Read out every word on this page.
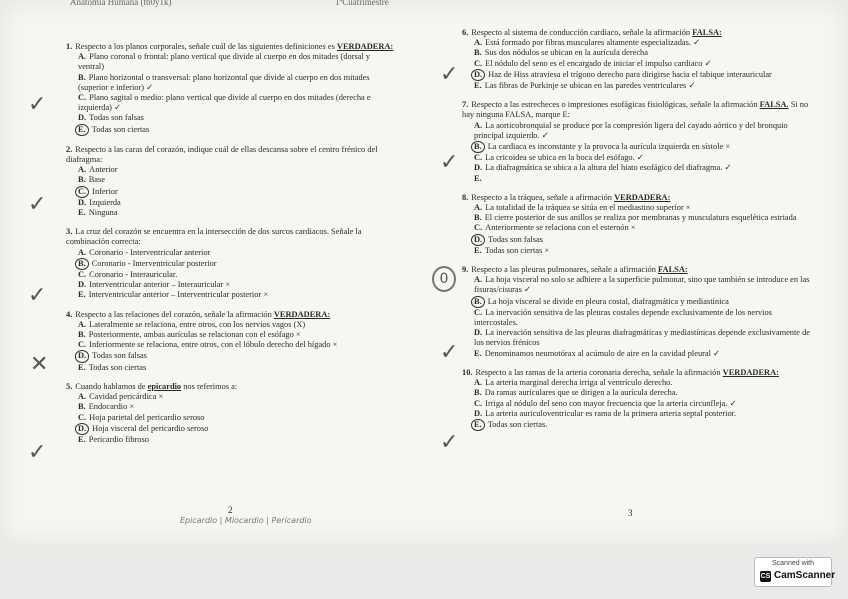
Anatomía Humana (tb0y1k)	1ºCuatrimestre
1. Respecto a los planos corporales, señale cuál de las siguientes definiciones es VERDADERA:
A. Plano coronal o frontal: plano vertical que divide al cuerpo en dos mitades (dorsal y ventral)
B. Plano horizontal o transversal: plano horizontal que divide al cuerpo en dos mitades (superior e inferior) ✓
C. Plano sagital o medio: plano vertical que divide al cuerpo en dos mitades (derecha e izquierda) ✓
D. Todas son falsas
E. Todas son ciertas
2. Respecto a las caras del corazón, indique cuál de ellas descansa sobre el centro frénico del diafragma:
A. Anterior
B. Base
C. Inferior
D. Izquierda
E. Ninguna
3. La cruz del corazón se encuentra en la intersección de dos surcos cardiacos. Señale la combinación correcta:
A. Coronario - Interventricular anterior
B. Coronario - Interventricular posterior
C. Coronario - Interauricular.
D. Interventricular anterior – Interauricular ×
E. Interventricular anterior – Interventricular posterior ×
4. Respecto a las relaciones del corazón, señale la afirmación VERDADERA:
A. Lateralmente se relaciona, entre otros, con los nervios vagos (X)
B. Posteriormente, ambas aurículas se relacionan con el esófago ×
C. Inferiormente se relaciona, entre otros, con el lóbulo derecho del hígado ×
D. Todas son falsas
E. Todas son ciertas
5. Cuando hablamos de epicardio nos referimos a:
A. Cavidad pericárdica ×
B. Endocardio ×
C. Hoja parietal del pericardio seroso
D. Hoja visceral del pericardio seroso
E. Pericardio fibroso
6. Respecto al sistema de conducción cardiaco, señale la afirmación FALSA:
A. Está formado por fibras musculares altamente especializadas. ✓
B. Sus dos nódulos se ubican en la aurícula derecha
C. El nódulo del seno es el encargado de iniciar el impulso cardiaco ✓
D. Haz de Hiss atraviesa el trígono derecho para dirigirse hacia el tabique interauricular
E. Las fibras de Purkinje se ubican en las paredes ventriculares ✓
7. Respecto a las estrecheces o impresiones esofágicas fisiológicas, señale la afirmación FALSA. Si no hay ninguna FALSA, marque E:
A. La aorticobronquial se produce por la compresión ligera del cayado aórtico y del bronquio principal izquierdo. ✓
B. La cardiaca es inconstante y la provoca la aurícula izquierda en sístole ×
C. La cricoidea se ubica en la boca del esófago. ✓
D. La diafragmática se ubica a la altura del hiato esofágico del diafragma. ✓
E.
8. Respecto a la tráquea, señale a afirmación VERDADERA:
A. La totalidad de la tráquea se sitúa en el mediastino superior ×
B. El cierre posterior de sus anillos se realiza por membranas y musculatura esquelética estriada
C. Anteriormente se relaciona con el esternón ×
D. Todas son falsas
E. Todas son ciertas ×
9. Respecto a las pleuras pulmonares, señale a afirmación FALSA:
A. La hoja visceral no solo se adhiere a la superficie pulmonar, sino que también se introduce en las fisuras/cisuras ✓
B. La hoja visceral se divide en pleura costal, diafragmática y mediastínica
C. La inervación sensitiva de las pleuras costales depende exclusivamente de los nervios intercostales.
D. La inervación sensitiva de las pleuras diafragmáticas y mediastínicas depende exclusivamente de los nervios frénicos
E. Denominamos neumotórax al acúmulo de aire en la cavidad pleural ✓
10. Respecto a las ramas de la arteria coronaria derecha, señale la afirmación VERDADERA:
A. La arteria marginal derecha irriga al ventrículo derecho.
B. Da ramas auriculares que se dirigen a la aurícula derecha.
C. Irriga al nódulo del seno con mayor frecuencia que la arteria circunfleja. ✓
D. La arteria auriculoventricular es rama de la primera arteria septal posterior.
E. Todas son ciertas.
2	3
✓
✓
✓
✕
✓
✓
✓
0
✓
✓
Epicardio | Miocardio | Pericardio
Scanned with
CS CamScanner
